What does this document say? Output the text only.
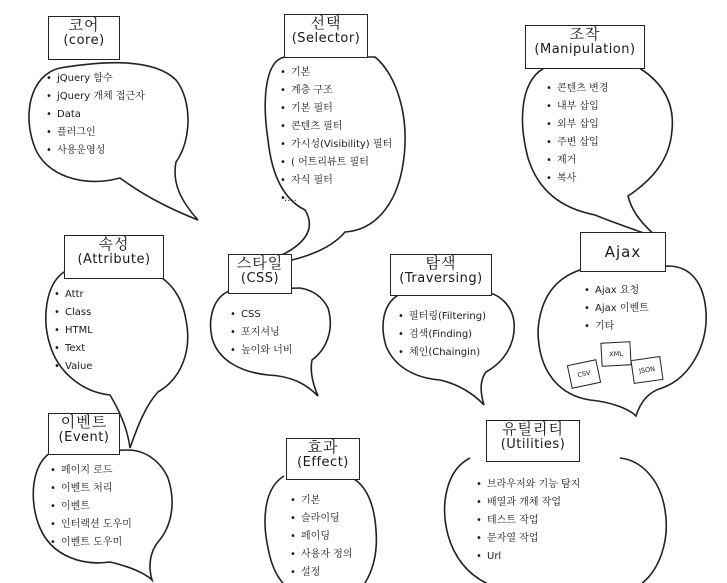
코어
(core)
선택
(Selector)	조작
(Manipulation)
속성
(Attribute)	스타일
(CSS)
탐색
(Traversing)
Ajax
이벤트
(Event)
효과
(Effect)
유틸리티
(Utilities)
• jQuery 함수
• jQuery 개체 접근자
• Data
• 플러그인
• 사용운영성
• 기본
• 계층 구조
• 기본 필터
• 콘텐츠 필터
• 가시성(Visibility) 필터
• ( 어트리뷰트 필터
• 자식 필터
• ....
• 콘텐츠 변경
• 내부 삽입
• 외부 삽입
• 주변 삽입
• 제거
• 복사
• Attr
• Class
• HTML
• Text
• Value
• CSS
• 포지셔닝
• 높이와 너비
• 필터링(Filtering)
• 검색(Finding)
• 체인(Chaingin)
• Ajax 요청
• Ajax 이벤트
• 기타
• 페이지 로드
• 이벤트 처리
• 이벤트
• 인터랙션 도우미
• 이벤트 도우미
• 기본
• 슬라이딩
• 페이딩
• 사용자 정의
• 설정
• 브라우저와 기능 탐지
• 배열과 개체 작업
• 테스트 작업
• 문자열 작업
• Url
XML
CSV	JSON
